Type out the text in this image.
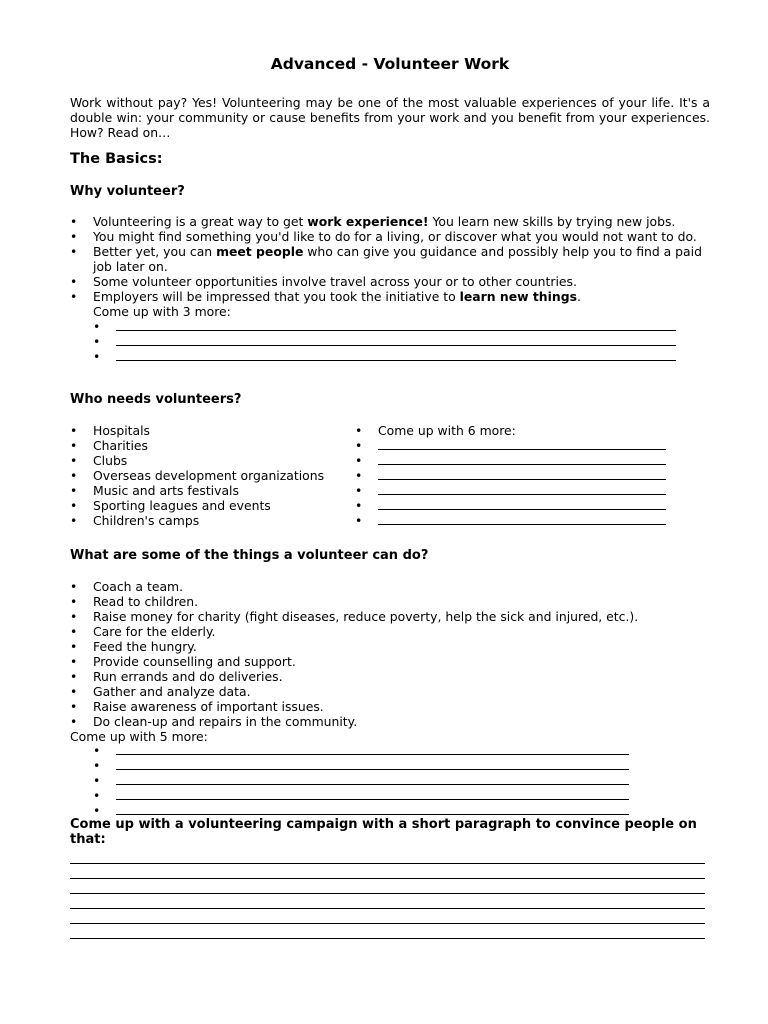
Advanced - Volunteer Work
Work without pay? Yes! Volunteering may be one of the most valuable experiences of your life. It's a double win: your community or cause benefits from your work and you benefit from your experiences. How? Read on…
The Basics:
Why volunteer?
• Volunteering is a great way to get work experience! You learn new skills by trying new jobs.
• You might find something you'd like to do for a living, or discover what you would not want to do.
• Better yet, you can meet people who can give you guidance and possibly help you to find a paid job later on.
• Some volunteer opportunities involve travel across your or to other countries.
• Employers will be impressed that you took the initiative to learn new things.
Come up with 3 more:
•
•
•
Who needs volunteers?
• Hospitals
• Charities
• Clubs
• Overseas development organizations
• Music and arts festivals
• Sporting leagues and events
• Children's camps
• Come up with 6 more:
•
•
•
•
•
•
What are some of the things a volunteer can do?
• Coach a team.
• Read to children.
• Raise money for charity (fight diseases, reduce poverty, help the sick and injured, etc.).
• Care for the elderly.
• Feed the hungry.
• Provide counselling and support.
• Run errands and do deliveries.
• Gather and analyze data.
• Raise awareness of important issues.
• Do clean-up and repairs in the community.
Come up with 5 more:
•
•
•
•
•
Come up with a volunteering campaign with a short paragraph to convince people on that:
